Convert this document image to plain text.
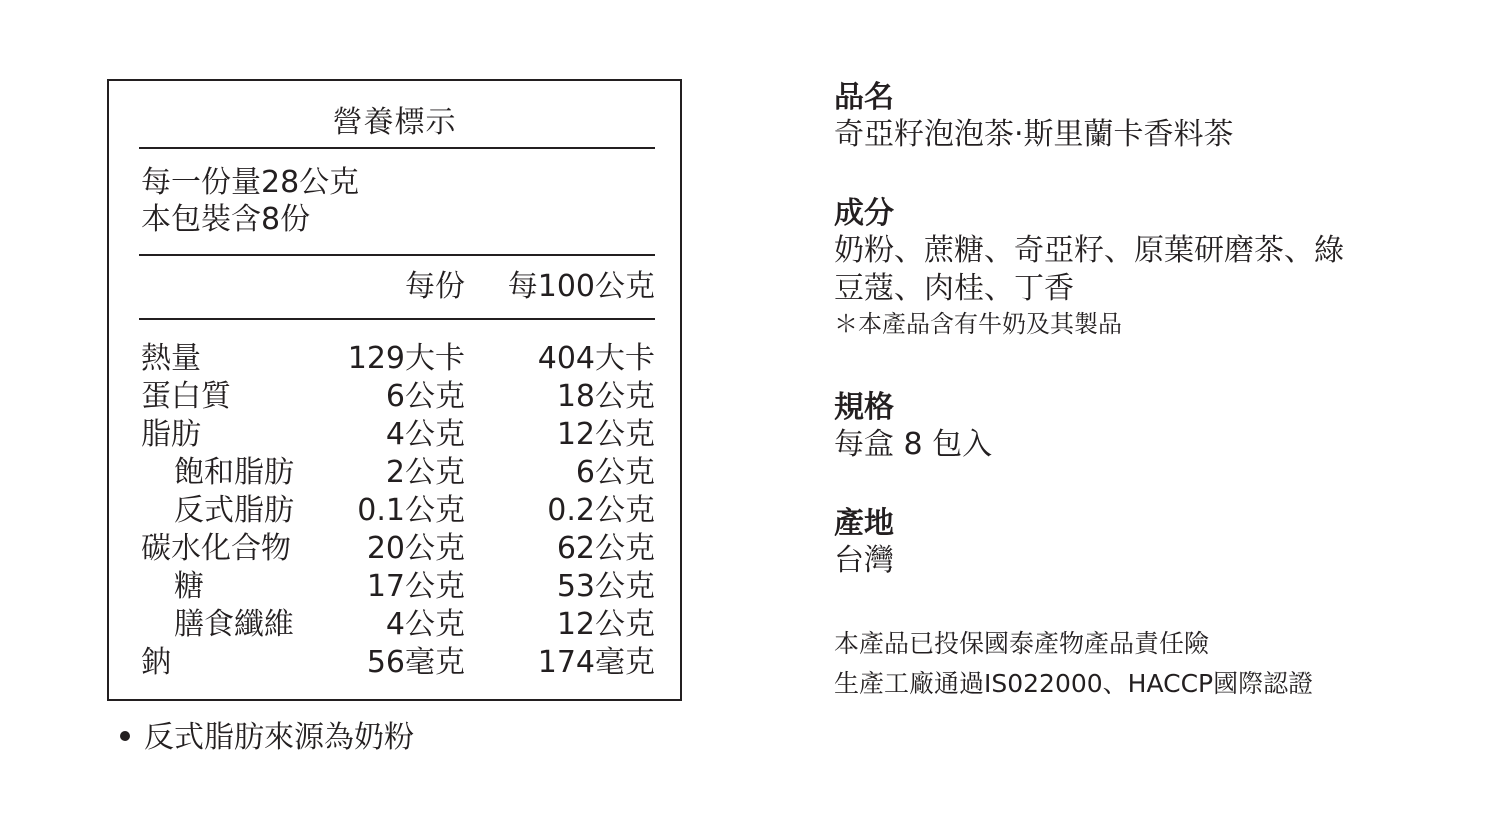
營養標示
每一份量28公克
本包裝含8份
每份 每100公克
熱量	129大卡 404大卡
蛋白質	6公克	18公克
脂肪	4公克	12公克
飽和脂肪	2公克	6公克
反式脂肪 0.1公克	0.2公克
碳水化合物	20公克	62公克
糖	17公克	53公克
膳食纖維	4公克	12公克
鈉	56毫克 174毫克
反式脂肪來源為奶粉
品名
奇亞籽泡泡茶‧斯里蘭卡香料茶
成分
奶粉、蔗糖、奇亞籽、原葉研磨茶、綠
豆蔻、肉桂、丁香
＊本產品含有牛奶及其製品
規格
每盒 8 包入
產地
台灣
本產品已投保國泰產物產品責任險
生產工廠通過IS022000、HACCP國際認證
